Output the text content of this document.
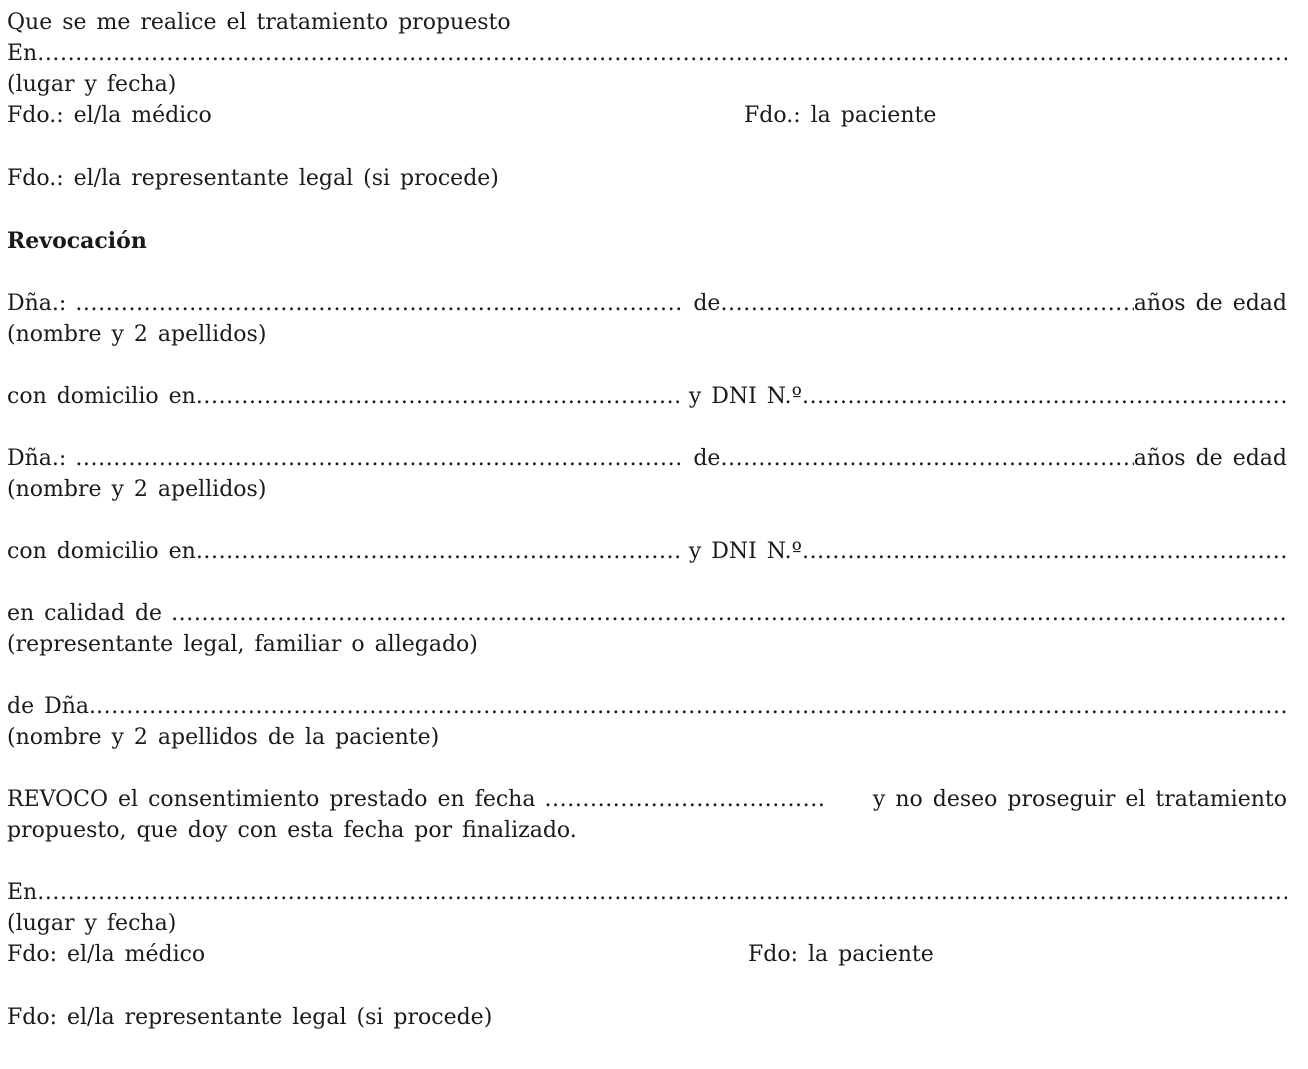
Que se me realice el tratamiento propuesto
En
.....
(lugar y fecha)
Fdo.: el/la médico	Fdo.: la paciente
Fdo.: el/la representante legal (si procede)
Revocación
Dña.: .....	de .....	años de edad
(nombre y 2 apellidos)
con domicilio en .....	y DNI N.º
.....
Dña.: .....	de .....	años de edad
(nombre y 2 apellidos)
con domicilio en .....	y DNI N.º
.....
en calidad de
.....
(representante legal, familiar o allegado)
de Dña.
.....
(nombre y 2 apellidos de la paciente)
REVOCO el consentimiento prestado en fecha .....	y no deseo proseguir el tratamiento
propuesto, que doy con esta fecha por finalizado.
En
.....
(lugar y fecha)
Fdo: el/la médico	Fdo: la paciente
Fdo: el/la representante legal (si procede)
